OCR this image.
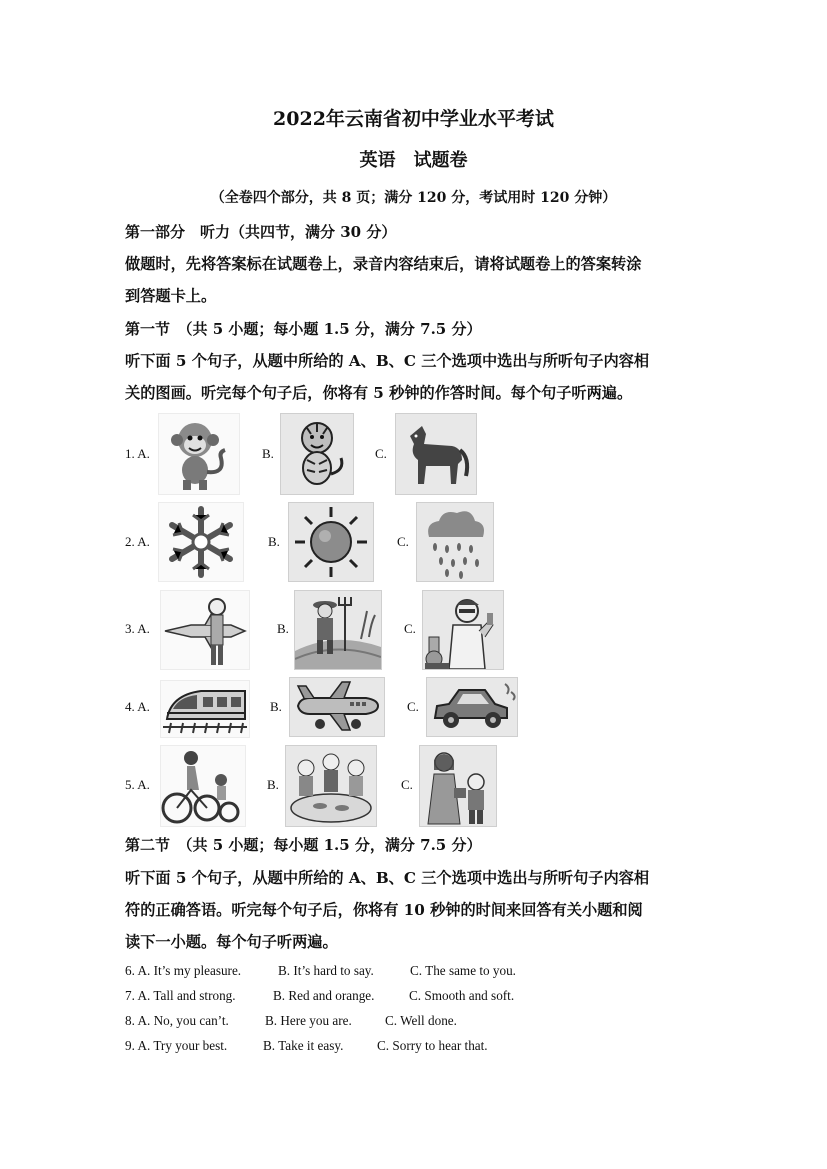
2022年云南省初中学业水平考试
英语　试题卷
（全卷四个部分，共 8 页；满分 120 分，考试用时 120 分钟）
第一部分　听力（共四节，满分 30 分）
做题时，先将答案标在试题卷上，录音内容结束后，请将试题卷上的答案转涂
到答题卡上。
第一节　（共 5 小题；每小题 1.5 分，满分 7.5 分）
听下面 5 个句子，从题中所给的 A、B、C 三个选项中选出与所听句子内容相
关的图画。听完每个句子后，你将有 5 秒钟的作答时间。每个句子听两遍。
1. A.	B.	C.
2. A.	B.	C.
3. A.	B.	C.
4. A.	B.	C.
5. A.	B.	C.
第二节　（共 5 小题；每小题 1.5 分，满分 7.5 分）
听下面 5 个句子，从题中所给的 A、B、C 三个选项中选出与所听句子内容相
符的正确答语。听完每个句子后，你将有 10 秒钟的时间来回答有关小题和阅
读下一小题。每个句子听两遍。
6. A. It’s my pleasure.	B. It’s hard to say.	C. The same to you.
7. A. Tall and strong.	B. Red and orange.	C. Smooth and soft.
8. A. No, you can’t.	B. Here you are.	C. Well done.
9. A. Try your best.	B. Take it easy.	C. Sorry to hear that.
